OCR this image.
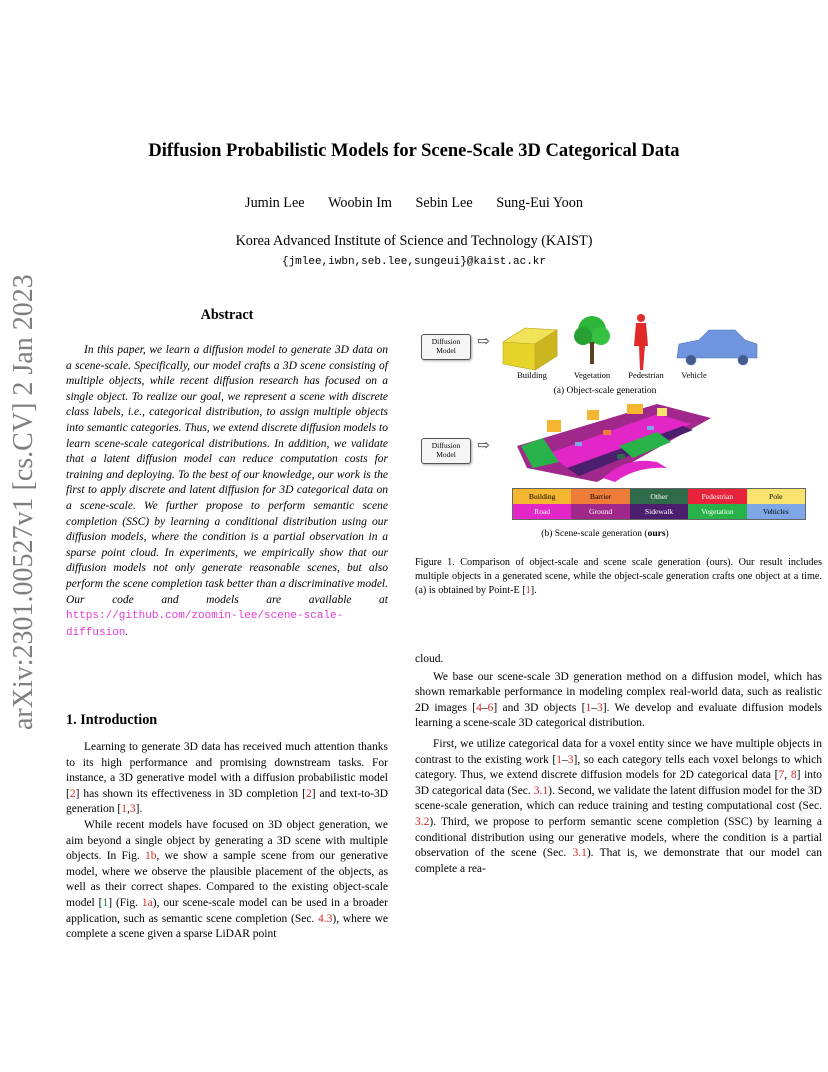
arXiv:2301.00527v1 [cs.CV] 2 Jan 2023
Diffusion Probabilistic Models for Scene-Scale 3D Categorical Data
Jumin Lee Woobin Im Sebin Lee Sung-Eui Yoon
Korea Advanced Institute of Science and Technology (KAIST)
{jmlee,iwbn,seb.lee,sungeui}@kaist.ac.kr
Abstract

In this paper, we learn a diffusion model to generate 3D data on a scene-scale. Specifically, our model crafts a 3D scene consisting of multiple objects, while recent diffusion research has focused on a single object. To realize our goal, we represent a scene with discrete class labels, i.e., categorical distribution, to assign multiple objects into semantic categories. Thus, we extend discrete diffusion models to learn scene-scale categorical distributions. In addition, we validate that a latent diffusion model can reduce computation costs for training and deploying. To the best of our knowledge, our work is the first to apply discrete and latent diffusion for 3D categorical data on a scene-scale. We further propose to perform semantic scene completion (SSC) by learning a conditional distribution using our diffusion models, where the condition is a partial observation in a sparse point cloud. In experiments, we empirically show that our diffusion models not only generate reasonable scenes, but also perform the scene completion task better than a discriminative model. Our code and models are available at https://github.com/zoomin-lee/scene-scale-diffusion.

1. Introduction

Learning to generate 3D data has received much attention thanks to its high performance and promising downstream tasks. For instance, a 3D generative model with a diffusion probabilistic model [2] has shown its effectiveness in 3D completion [2] and text-to-3D generation [1,3].

While recent models have focused on 3D object generation, we aim beyond a single object by generating a 3D scene with multiple objects. In Fig. 1b, we show a sample scene from our generative model, where we observe the plausible placement of the objects, as well as their correct shapes. Compared to the existing object-scale model [1] (Fig. 1a), our scene-scale model can be used in a broader application, such as semantic scene completion (Sec. 4.3), where we complete a scene given a sparse LiDAR point

Diffusion
Model
⇨
Building	Vegetation	Pedestrian	Vehicle
(a) Object-scale generation
Diffusion
Model
⇨
Building	Barrier	Other	Pedestrian	Pole
Road	Ground	Sidewalk	Vegetation	Vehicles
(b) Scene-scale generation (ours)
Figure 1. Comparison of object-scale and scene scale generation (ours). Our result includes multiple objects in a generated scene, while the object-scale generation crafts one object at a time. (a) is obtained by Point-E [1].

cloud.

We base our scene-scale 3D generation method on a diffusion model, which has shown remarkable performance in modeling complex real-world data, such as realistic 2D images [4–6] and 3D objects [1–3]. We develop and evaluate diffusion models learning a scene-scale 3D categorical distribution.

First, we utilize categorical data for a voxel entity since we have multiple objects in contrast to the existing work [1–3], so each category tells each voxel belongs to which category. Thus, we extend discrete diffusion models for 2D categorical data [7, 8] into 3D categorical data (Sec. 3.1). Second, we validate the latent diffusion model for the 3D scene-scale generation, which can reduce training and testing computational cost (Sec. 3.2). Third, we propose to perform semantic scene completion (SSC) by learning a conditional distribution using our generative models, where the condition is a partial observation of the scene (Sec. 3.1). That is, we demonstrate that our model can complete a rea-
